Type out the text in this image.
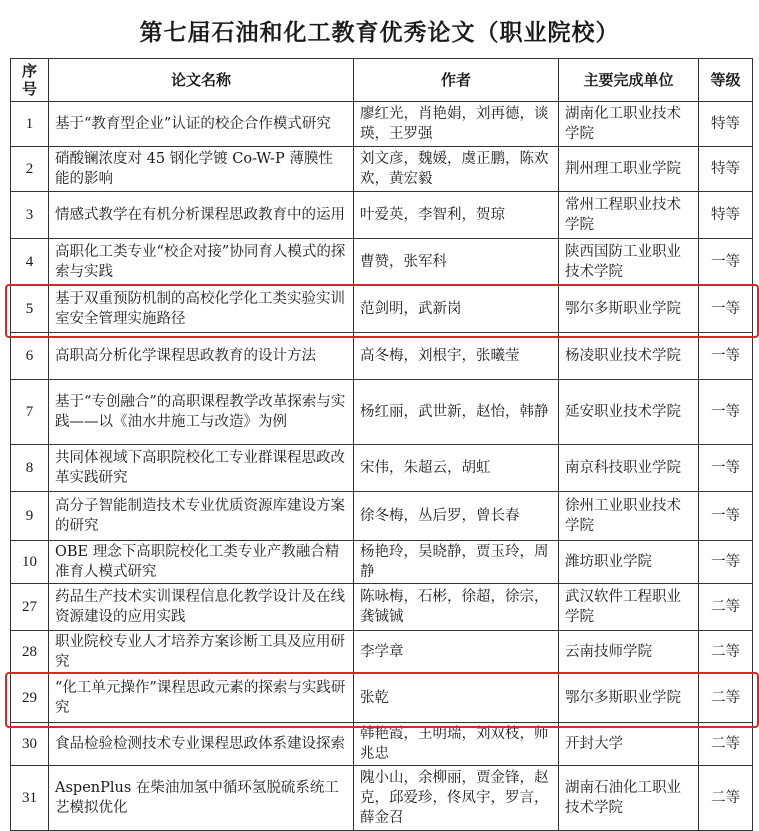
第七届石油和化工教育优秀论文（职业院校）
序号	论文名称	作者	主要完成单位	等级
1	基于“教育型企业”认证的校企合作模式研究	廖红光，肖艳娟，刘再德，谈瑛，王罗强	湖南化工职业技术学院	特等
2	硝酸镧浓度对 45 钢化学镀 Co-W-P 薄膜性能的影响	刘文彦，魏媛，虞正鹏，陈欢欢，黄宏毅	荆州理工职业学院	特等
3	情感式教学在有机分析课程思政教育中的运用	叶爱英，李智利，贺琼	常州工程职业技术学院	特等
4	高职化工类专业“校企对接”协同育人模式的探索与实践	曹赞，张军科	陕西国防工业职业技术学院	一等
5	基于双重预防机制的高校化学化工类实验实训室安全管理实施路径	范剑明，武新岗	鄂尔多斯职业学院	一等
6	高职高分析化学课程思政教育的设计方法	高冬梅，刘根宇，张曦莹	杨凌职业技术学院	一等
7	基于“专创融合”的高职课程教学改革探索与实践——以《油水井施工与改造》为例	杨红丽，武世新，赵怡，韩静	延安职业技术学院	一等
8	共同体视域下高职院校化工专业群课程思政改革实践研究	宋伟，朱超云，胡虹	南京科技职业学院	一等
9	高分子智能制造技术专业优质资源库建设方案的研究	徐冬梅，丛后罗，曾长春	徐州工业职业技术学院	一等
10	OBE 理念下高职院校化工类专业产教融合精准育人模式研究	杨艳玲，吴晓静，贾玉玲，周静	潍坊职业学院	一等
27	药品生产技术实训课程信息化教学设计及在线资源建设的应用实践	陈咏梅，石彬，徐超，徐宗，龚铖铖	武汉软件工程职业学院	二等
28	职业院校专业人才培养方案诊断工具及应用研究	李学章	云南技师学院	二等
29	“化工单元操作”课程思政元素的探索与实践研究	张乾	鄂尔多斯职业学院	二等
30	食品检验检测技术专业课程思政体系建设探索	韩艳霞，王明瑞，刘双枝，师兆忠	开封大学	二等
31	AspenPlus 在柴油加氢中循环氢脱硫系统工艺模拟优化	隗小山，余柳丽，贾金锋，赵克，邱爱珍，佟凤宇，罗言，薛金召	湖南石油化工职业技术学院	二等
